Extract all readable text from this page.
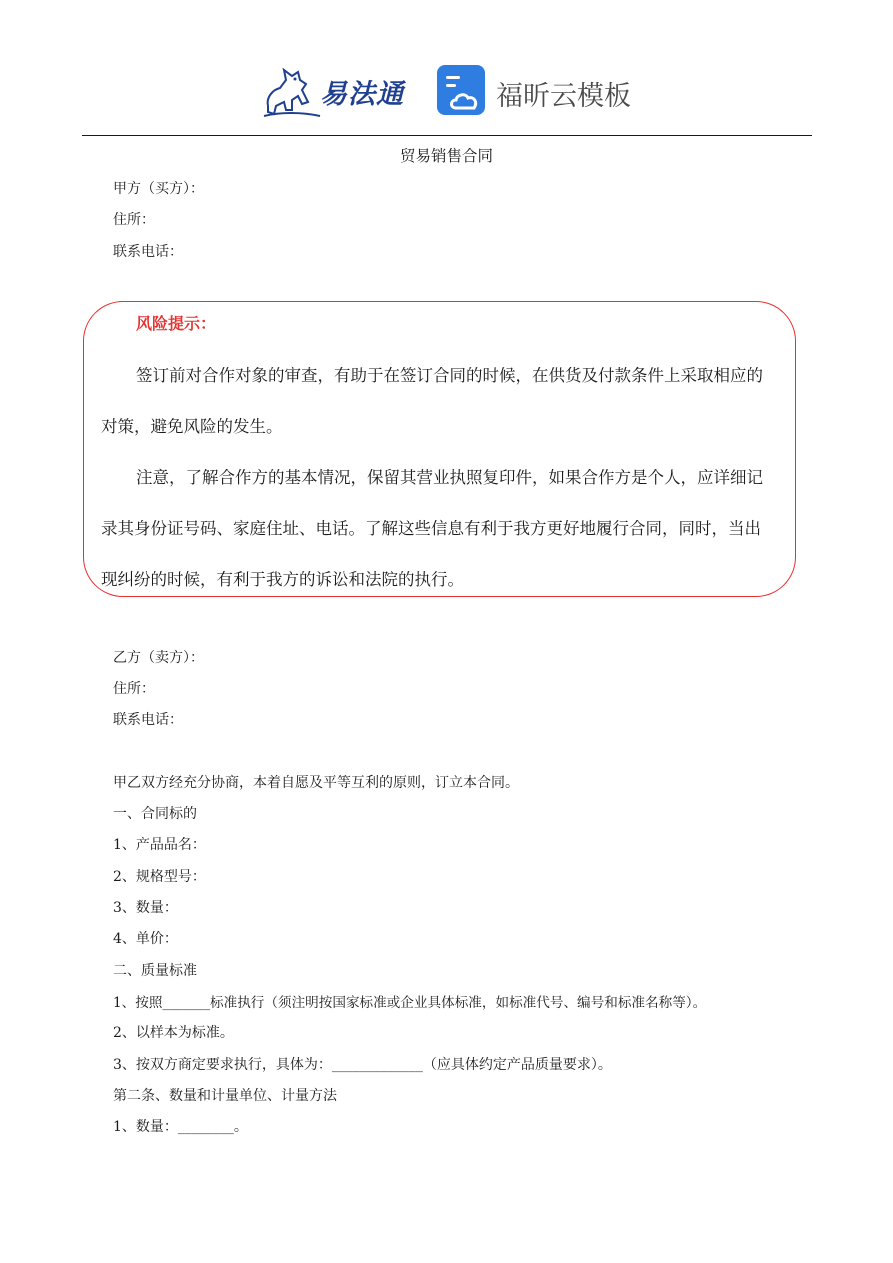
易法通	福昕云模板
贸易销售合同
甲方（买方）：
住所：
联系电话：
风险提示：
签订前对合作对象的审查，有助于在签订合同的时候，在供货及付款条件上采取相应的
对策，避免风险的发生。
注意，了解合作方的基本情况，保留其营业执照复印件，如果合作方是个人，应详细记
录其身份证号码、家庭住址、电话。了解这些信息有利于我方更好地履行合同，同时，当出
现纠纷的时候，有利于我方的诉讼和法院的执行。
乙方（卖方）：
住所：
联系电话：
甲乙双方经充分协商，本着自愿及平等互利的原则，订立本合同。
一、合同标的
1、产品品名：
2、规格型号：
3、数量：
4、单价：
二、质量标准
1、按照_______标准执行（须注明按国家标准或企业具体标准，如标准代号、编号和标准名称等）。
2、以样本为标准。
3、按双方商定要求执行，具体为：_____________（应具体约定产品质量要求）。
第二条、数量和计量单位、计量方法
1、数量：________。
